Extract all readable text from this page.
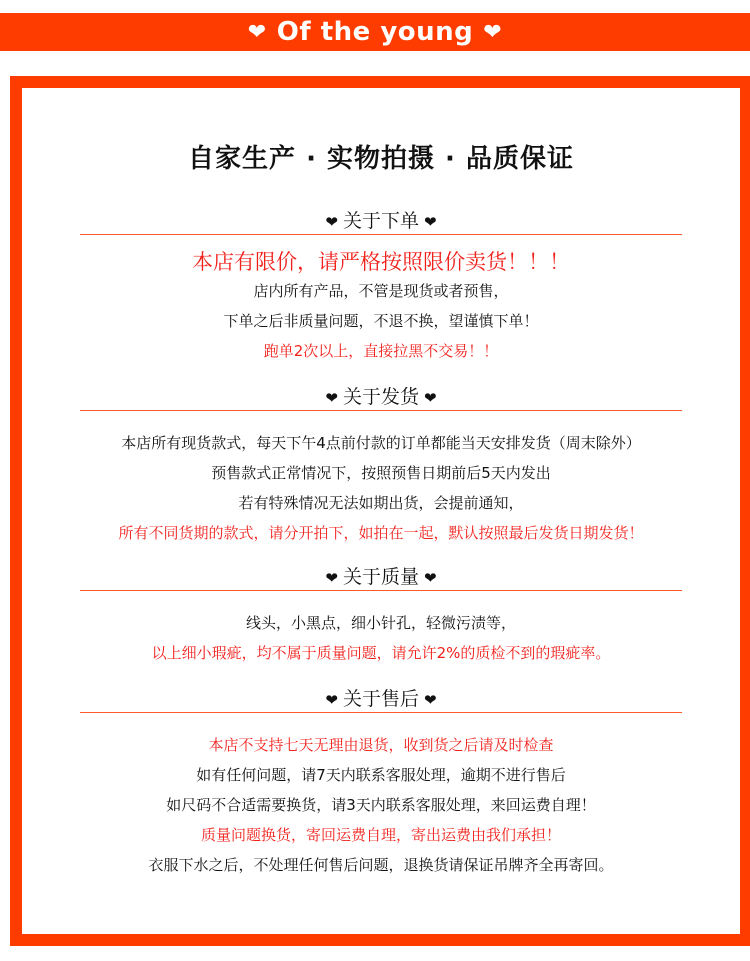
❤ Of the young ❤
自家生产 · 实物拍摄 · 品质保证
❤ 关于下单 ❤
本店有限价，请严格按照限价卖货！！！
店内所有产品，不管是现货或者预售，
下单之后非质量问题，不退不换，望谨慎下单！
跑单2次以上，直接拉黑不交易！！
❤ 关于发货 ❤
本店所有现货款式，每天下午4点前付款的订单都能当天安排发货（周末除外）
预售款式正常情况下，按照预售日期前后5天内发出
若有特殊情况无法如期出货，会提前通知，
所有不同货期的款式，请分开拍下，如拍在一起，默认按照最后发货日期发货！
❤ 关于质量 ❤
线头，小黑点，细小针孔，轻微污渍等，
以上细小瑕疵，均不属于质量问题，请允许2%的质检不到的瑕疵率。
❤ 关于售后 ❤
本店不支持七天无理由退货，收到货之后请及时检查
如有任何问题，请7天内联系客服处理，逾期不进行售后
如尺码不合适需要换货，请3天内联系客服处理，来回运费自理！
质量问题换货，寄回运费自理，寄出运费由我们承担！
衣服下水之后，不处理任何售后问题，退换货请保证吊牌齐全再寄回。
